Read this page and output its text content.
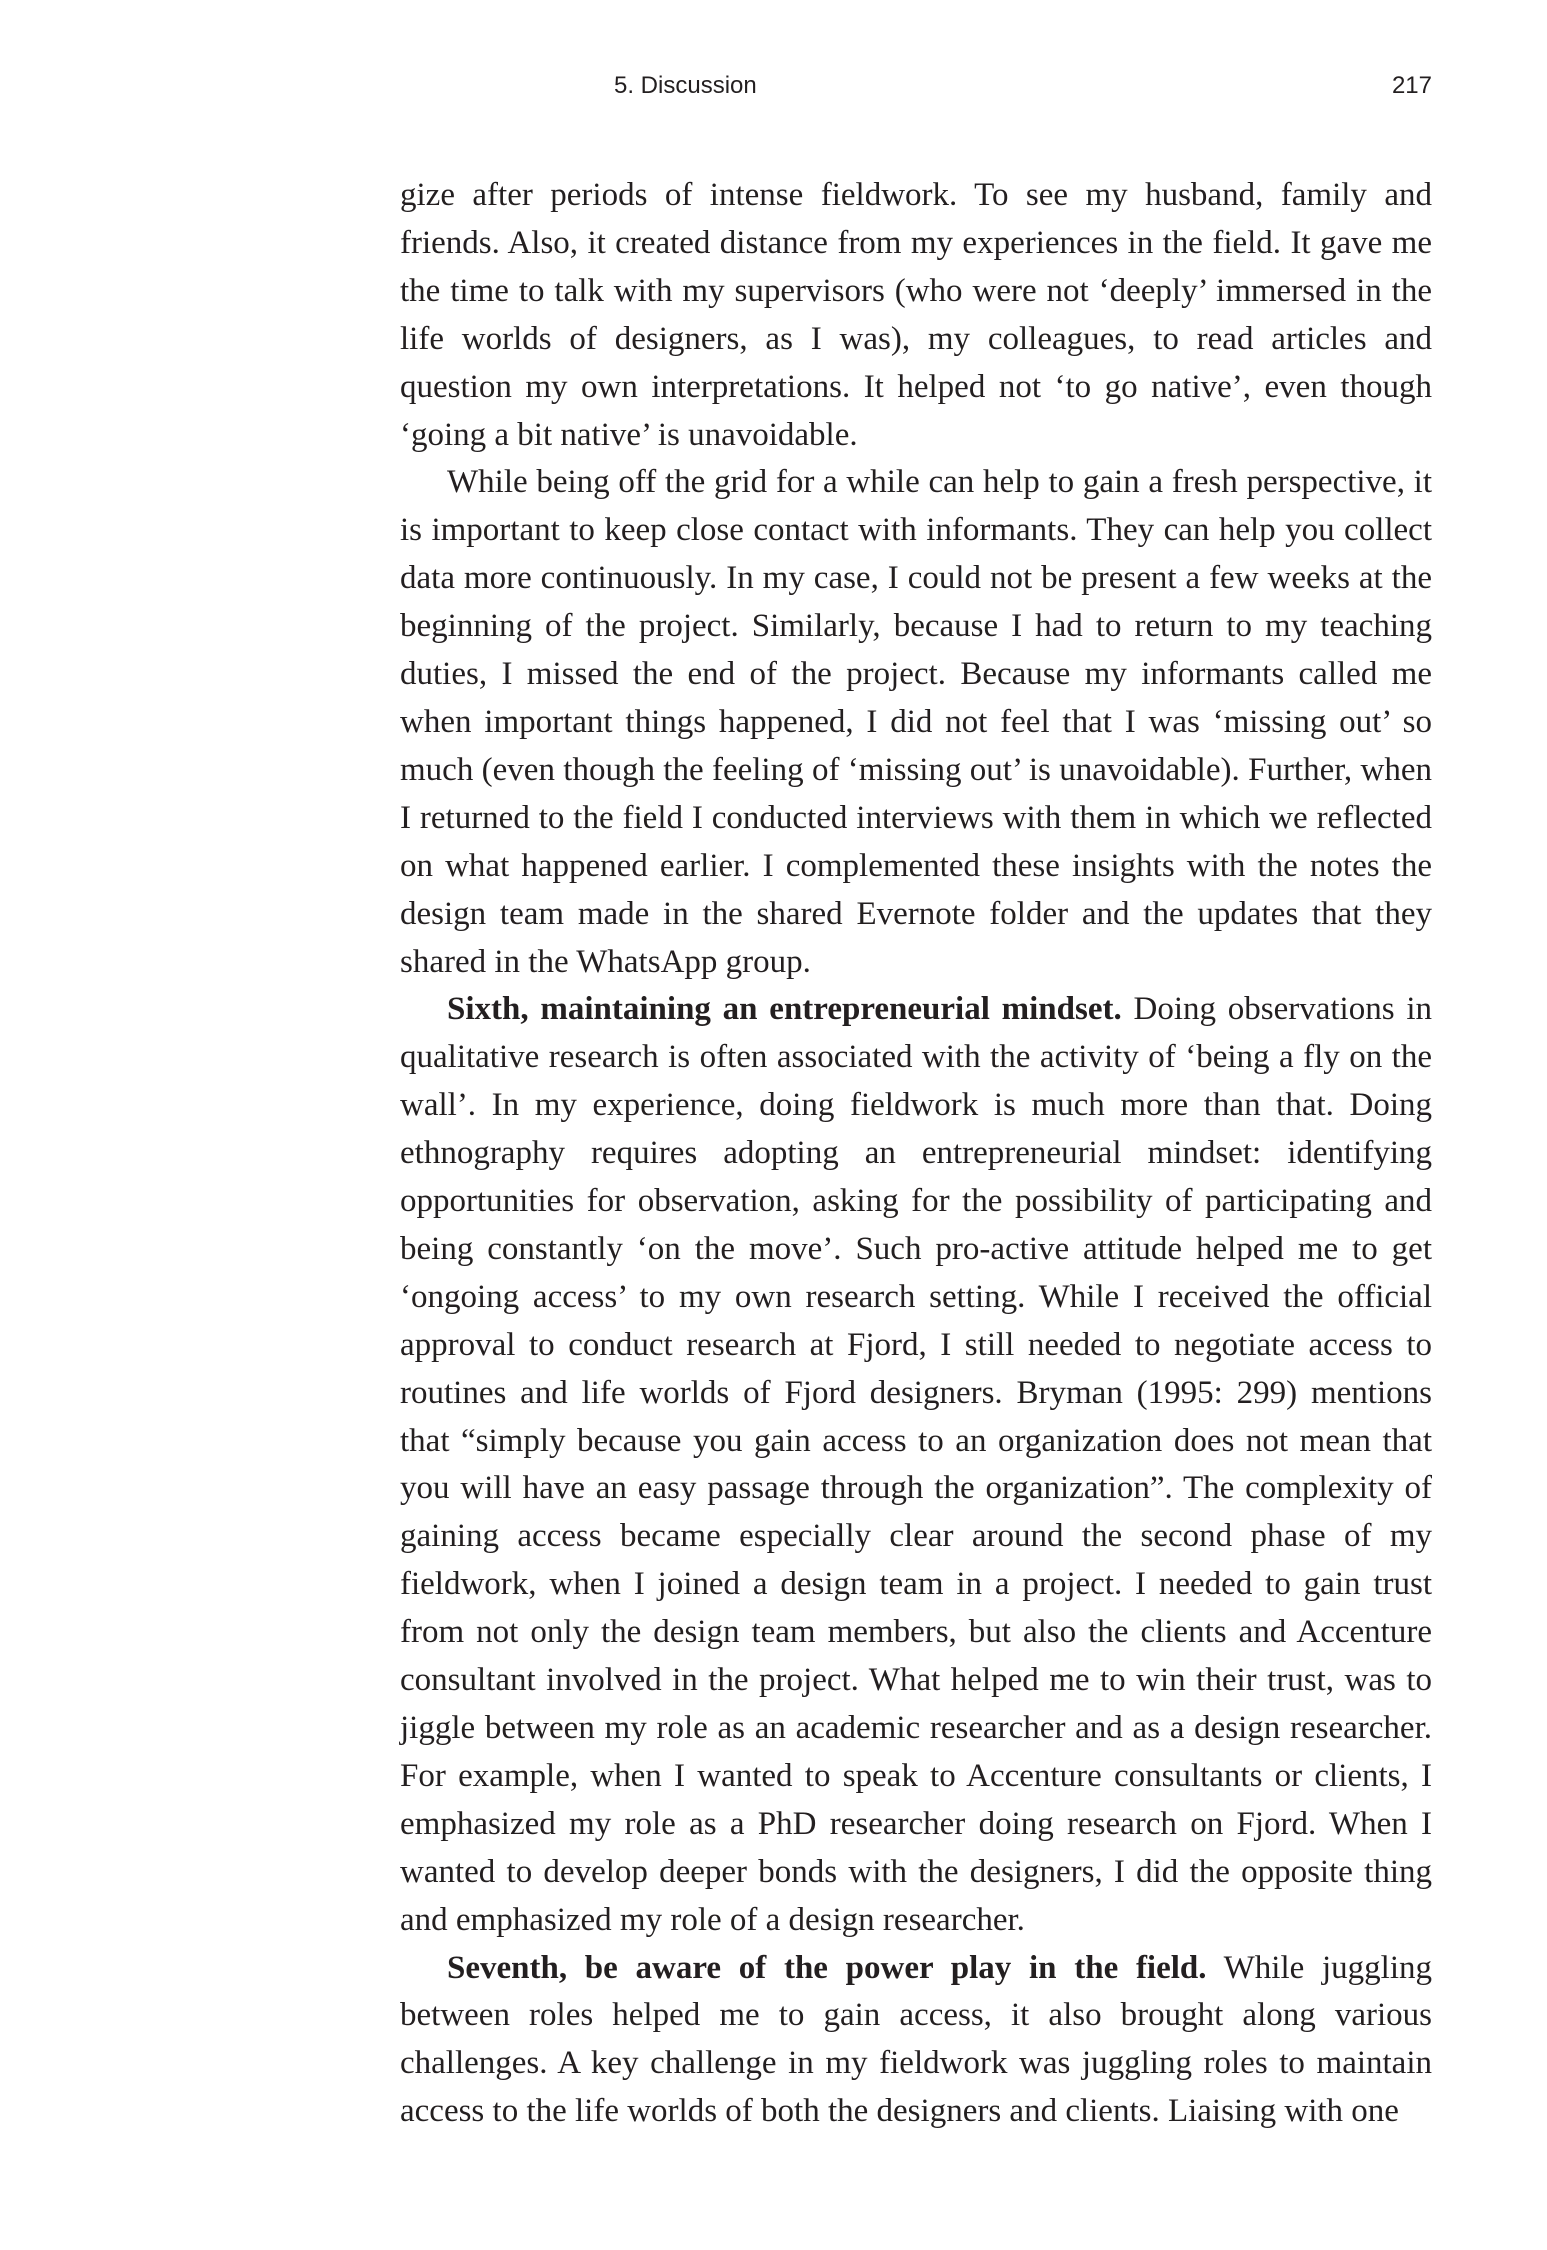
5. Discussion	217

gize after periods of intense fieldwork. To see my husband, family and friends. Also, it created distance from my experiences in the field. It gave me the time to talk with my supervisors (who were not ‘deeply’ immersed in the life worlds of designers, as I was), my colleagues, to read articles and question my own interpretations. It helped not ‘to go native’, even though ‘going a bit native’ is unavoidable.

While being off the grid for a while can help to gain a fresh perspective, it is important to keep close contact with informants. They can help you collect data more continuously. In my case, I could not be present a few weeks at the beginning of the project. Similarly, because I had to return to my teaching duties, I missed the end of the project. Because my informants called me when important things happened, I did not feel that I was ‘missing out’ so much (even though the feeling of ‘missing out’ is unavoidable). Further, when I returned to the field I conducted interviews with them in which we reflected on what happened earlier. I complemented these insights with the notes the design team made in the shared Evernote folder and the updates that they shared in the WhatsApp group.

Sixth, maintaining an entrepreneurial mindset. Doing observations in qualitative research is often associated with the activity of ‘being a fly on the wall’. In my experience, doing fieldwork is much more than that. Doing ethnography requires adopting an entrepreneurial mindset: identifying opportunities for observation, asking for the possibility of participating and being constantly ‘on the move’. Such pro-active attitude helped me to get ‘ongoing access’ to my own research setting. While I received the official approval to conduct research at Fjord, I still needed to negotiate access to routines and life worlds of Fjord designers. Bryman (1995: 299) mentions that “simply because you gain access to an organization does not mean that you will have an easy passage through the organization”. The complexity of gaining access became especially clear around the second phase of my fieldwork, when I joined a design team in a project. I needed to gain trust from not only the design team members, but also the clients and Accenture consultant involved in the project. What helped me to win their trust, was to jiggle between my role as an academic researcher and as a design researcher. For example, when I wanted to speak to Accenture consultants or clients, I emphasized my role as a PhD researcher doing research on Fjord. When I wanted to develop deeper bonds with the designers, I did the opposite thing and emphasized my role of a design researcher.

Seventh, be aware of the power play in the field. While juggling between roles helped me to gain access, it also brought along various challenges. A key challenge in my fieldwork was juggling roles to maintain access to the life worlds of both the designers and clients. Liaising with one
